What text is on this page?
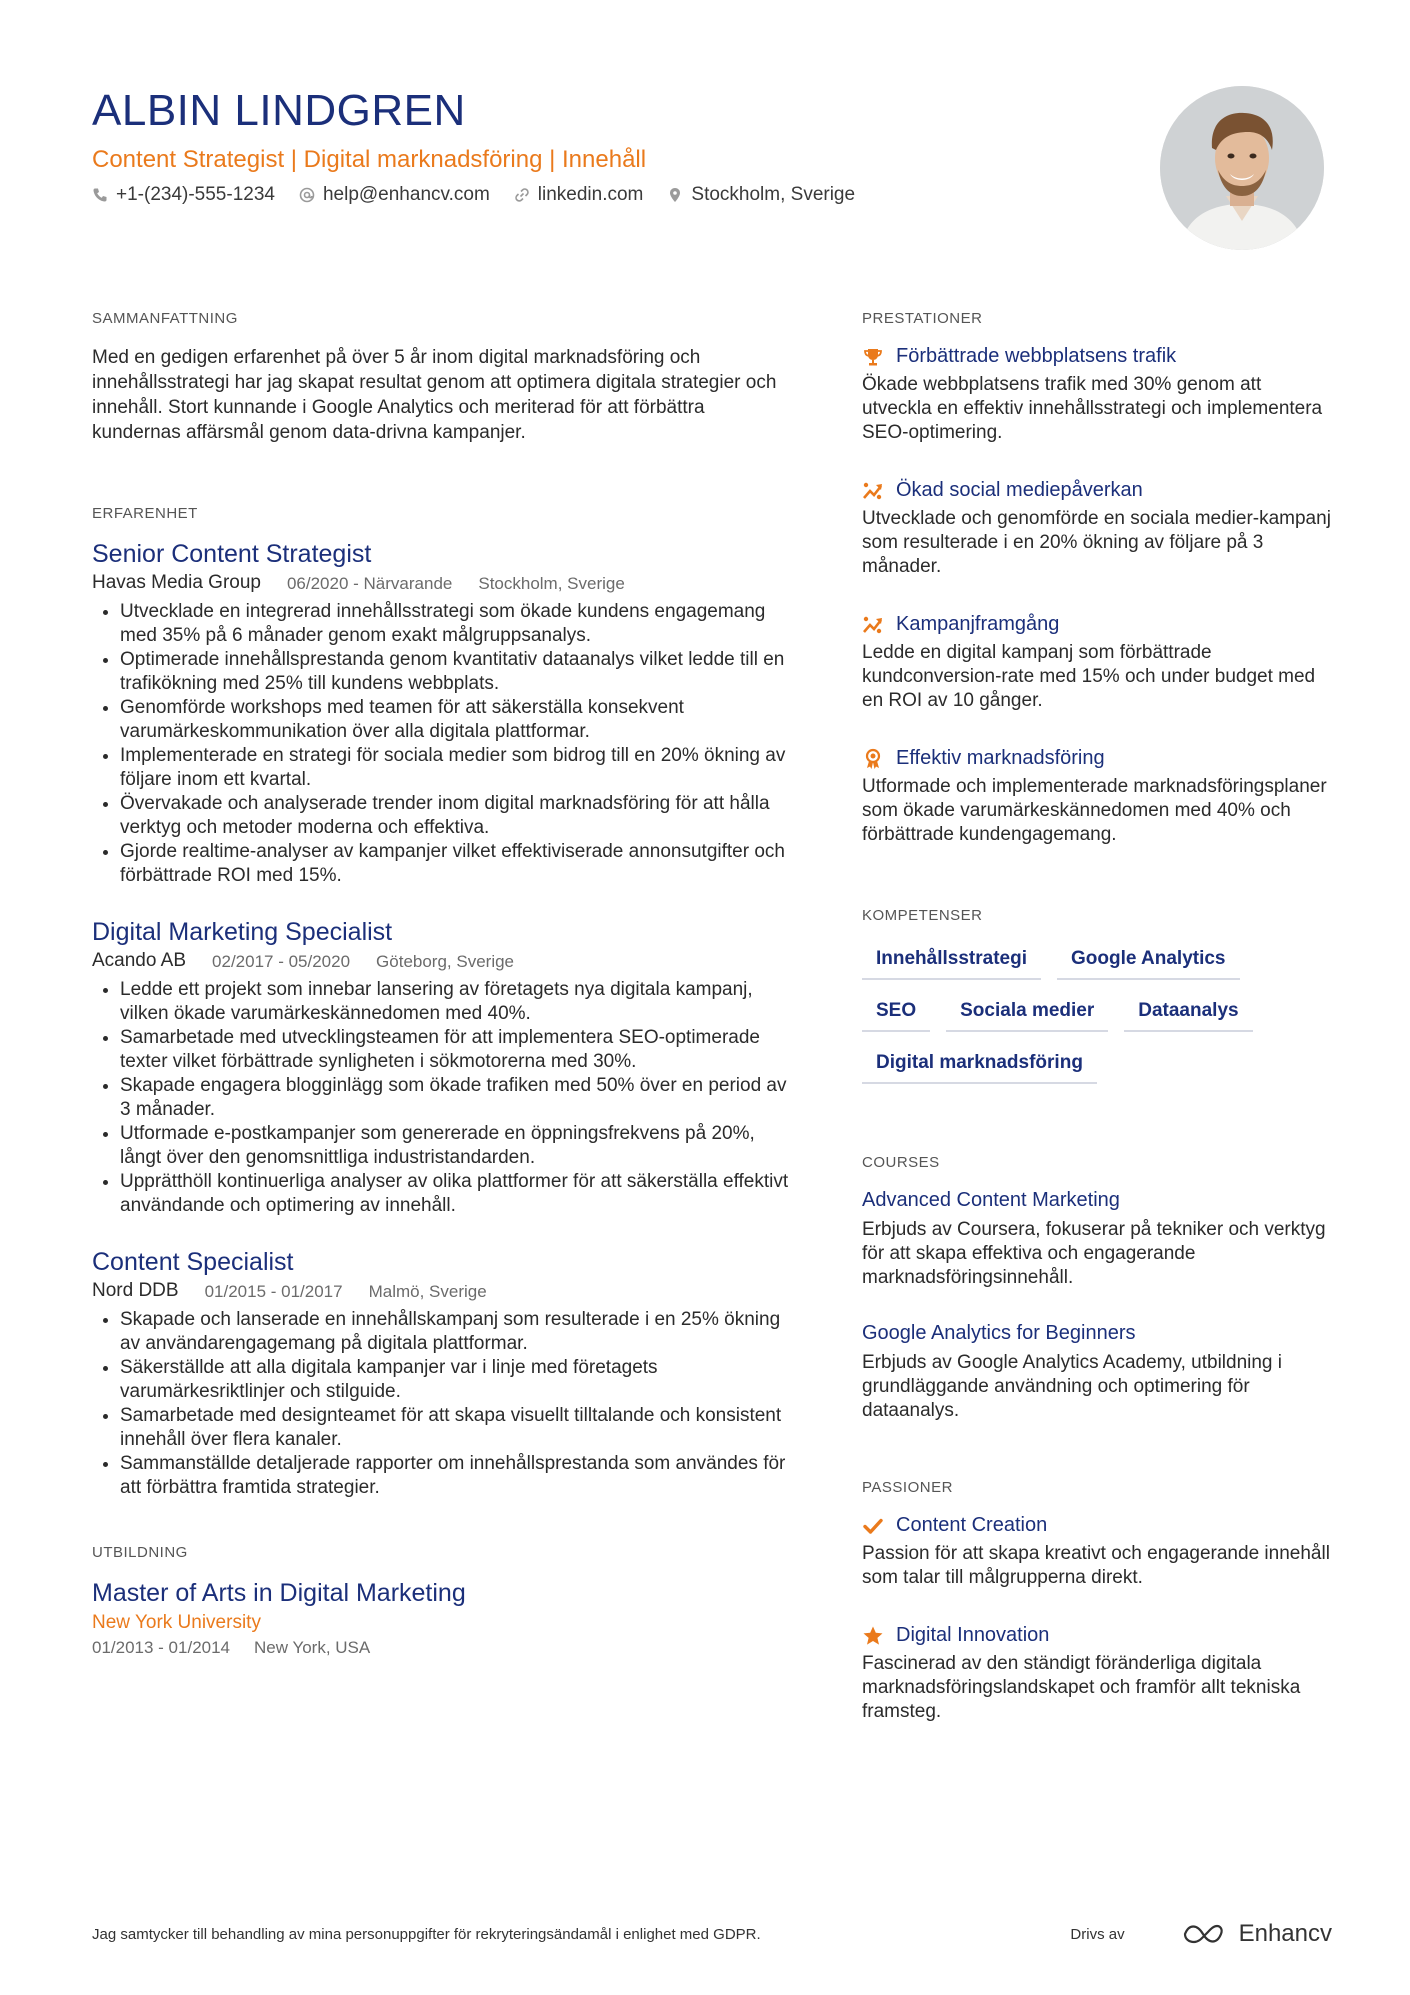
ALBIN LINDGREN
Content Strategist | Digital marknadsföring | Innehåll
+1-(234)-555-1234	help@enhancv.com	linkedin.com	Stockholm, Sverige
SAMMANFATTNING

Med en gedigen erfarenhet på över 5 år inom digital marknadsföring och innehållsstrategi har jag skapat resultat genom att optimera digitala strategier och innehåll. Stort kunnande i Google Analytics och meriterad för att förbättra kundernas affärsmål genom data-drivna kampanjer.

ERFARENHET
Senior Content Strategist
Havas Media Group 06/2020 - Närvarande Stockholm, Sverige
• Utvecklade en integrerad innehållsstrategi som ökade kundens engagemang med 35% på 6 månader genom exakt målgruppsanalys.
• Optimerade innehållsprestanda genom kvantitativ dataanalys vilket ledde till en trafikökning med 25% till kundens webbplats.
• Genomförde workshops med teamen för att säkerställa konsekvent varumärkeskommunikation över alla digitala plattformar.
• Implementerade en strategi för sociala medier som bidrog till en 20% ökning av följare inom ett kvartal.
• Övervakade och analyserade trender inom digital marknadsföring för att hålla verktyg och metoder moderna och effektiva.
• Gjorde realtime-analyser av kampanjer vilket effektiviserade annonsutgifter och förbättrade ROI med 15%.
Digital Marketing Specialist
Acando AB 02/2017 - 05/2020 Göteborg, Sverige
• Ledde ett projekt som innebar lansering av företagets nya digitala kampanj, vilken ökade varumärkeskännedomen med 40%.
• Samarbetade med utvecklingsteamen för att implementera SEO-optimerade texter vilket förbättrade synligheten i sökmotorerna med 30%.
• Skapade engagera blogginlägg som ökade trafiken med 50% över en period av 3 månader.
• Utformade e-postkampanjer som genererade en öppningsfrekvens på 20%, långt över den genomsnittliga industristandarden.
• Upprätthöll kontinuerliga analyser av olika plattformer för att säkerställa effektivt användande och optimering av innehåll.
Content Specialist
Nord DDB 01/2015 - 01/2017 Malmö, Sverige
• Skapade och lanserade en innehållskampanj som resulterade i en 25% ökning av användarengagemang på digitala plattformar.
• Säkerställde att alla digitala kampanjer var i linje med företagets varumärkesriktlinjer och stilguide.
• Samarbetade med designteamet för att skapa visuellt tilltalande och konsistent innehåll över flera kanaler.
• Sammanställde detaljerade rapporter om innehållsprestanda som användes för att förbättra framtida strategier.
UTBILDNING
Master of Arts in Digital Marketing
New York University
01/2013 - 01/2014 New York, USA
PRESTATIONER
Förbättrade webbplatsens trafik

Ökade webbplatsens trafik med 30% genom att utveckla en effektiv innehållsstrategi och implementera SEO-optimering.

Ökad social mediepåverkan

Utvecklade och genomförde en sociala medier-kampanj som resulterade i en 20% ökning av följare på 3 månader.

Kampanjframgång

Ledde en digital kampanj som förbättrade kundconversion-rate med 15% och under budget med en ROI av 10 gånger.

Effektiv marknadsföring

Utformade och implementerade marknadsföringsplaner som ökade varumärkeskännedomen med 40% och förbättrade kundengagemang.

KOMPETENSER
Innehållsstrategi	Google Analytics
SEO	Sociala medier	Dataanalys
Digital marknadsföring
COURSES
Advanced Content Marketing

Erbjuds av Coursera, fokuserar på tekniker och verktyg för att skapa effektiva och engagerande marknadsföringsinnehåll.

Google Analytics for Beginners

Erbjuds av Google Analytics Academy, utbildning i grundläggande användning och optimering för dataanalys.

PASSIONER
Content Creation

Passion för att skapa kreativt och engagerande innehåll som talar till målgrupperna direkt.

Digital Innovation

Fascinerad av den ständigt föränderliga digitala marknadsföringslandskapet och framför allt tekniska framsteg.

Jag samtycker till behandling av mina personuppgifter för rekryteringsändamål i enlighet med GDPR.	Drivs av	Enhancv
